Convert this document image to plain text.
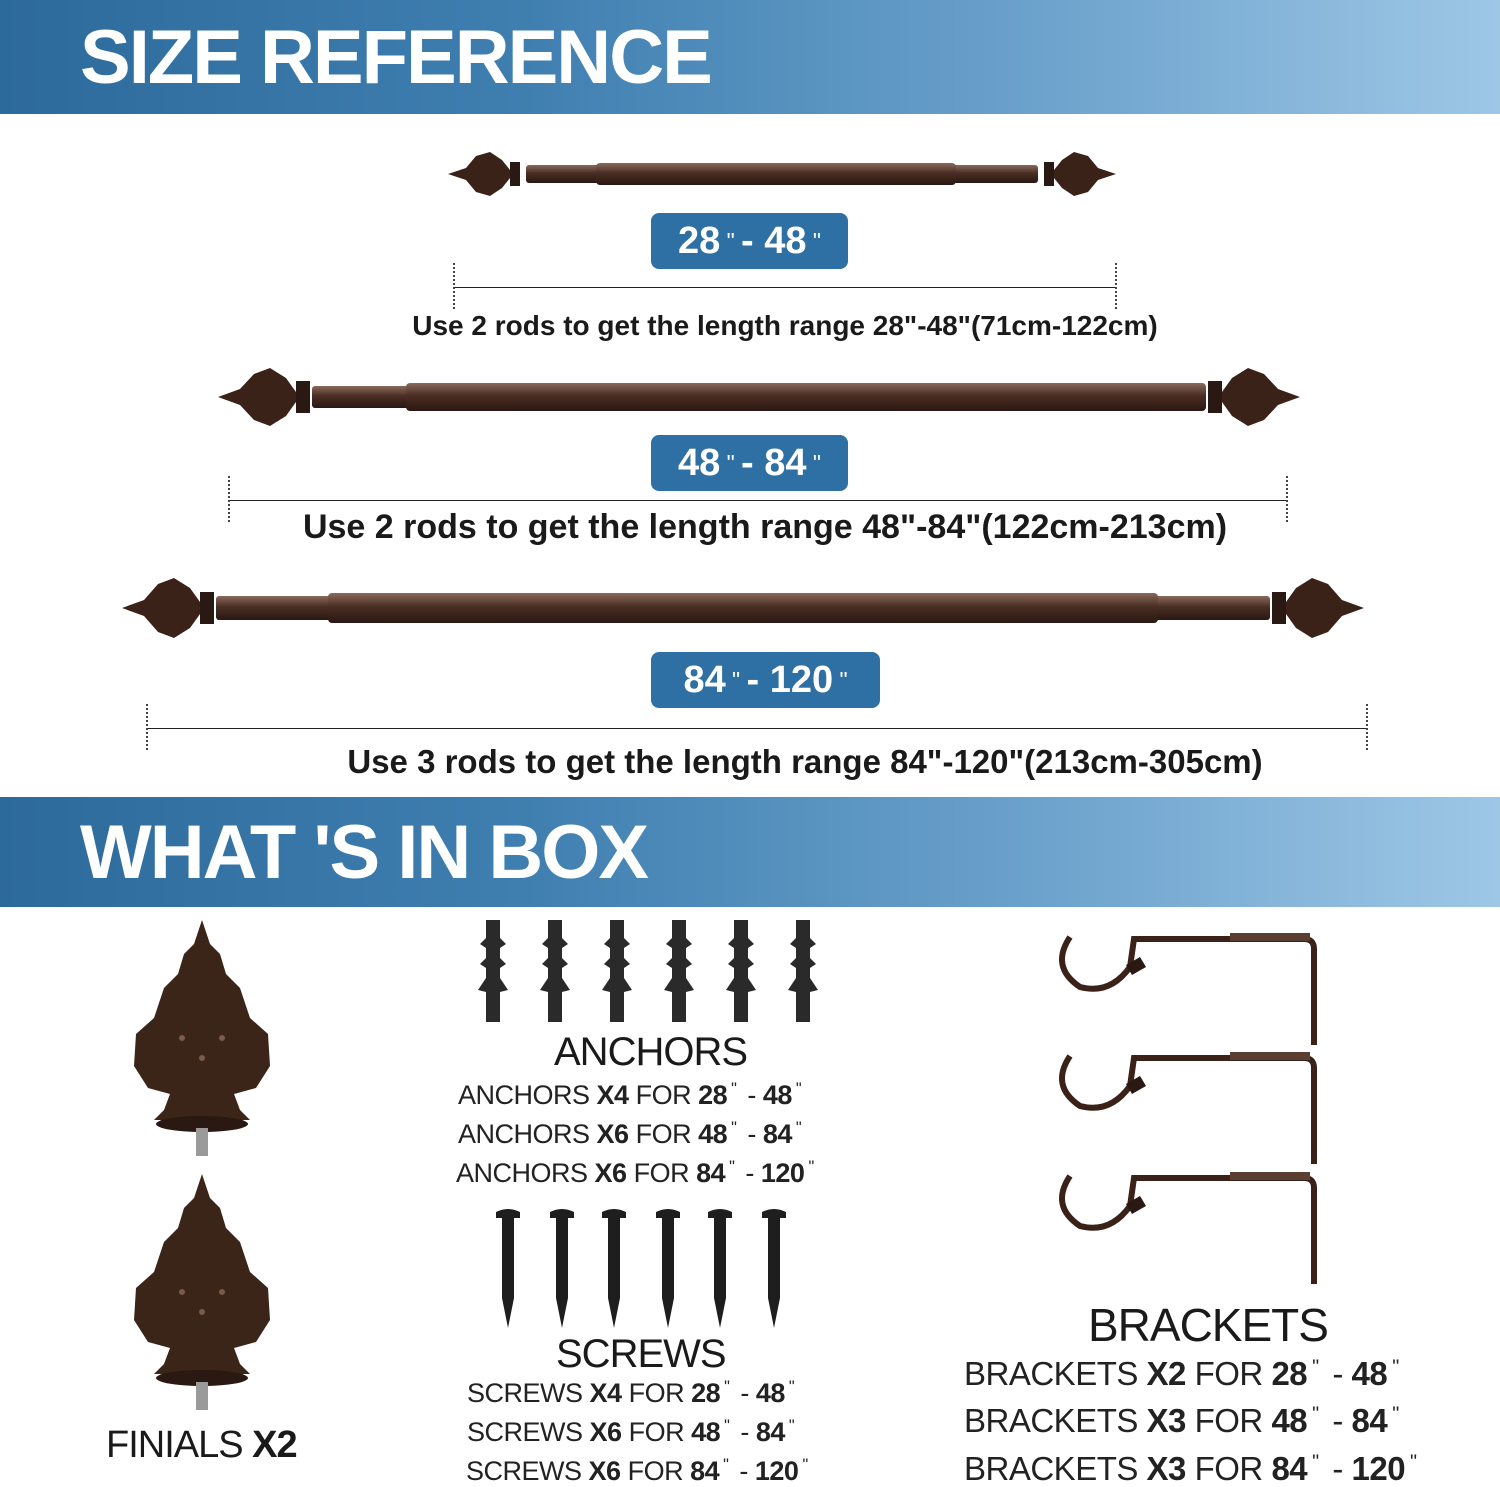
SIZE REFERENCE
28 " - 48 "
Use 2 rods to get the length range 28"-48"(71cm-122cm)
48 " - 84 "
Use 2 rods to get the length range 48"-84"(122cm-213cm)
84 " - 120 "
Use 3 rods to get the length range 84"-120"(213cm-305cm)
WHAT 'S IN BOX
FINIALS X2
ANCHORS
ANCHORS X4 FOR 28 "  - 48 "
ANCHORS X6 FOR 48 "  - 84 "
ANCHORS X6 FOR 84 "  - 120 "
SCREWS
SCREWS X4 FOR 28 "  - 48 "
SCREWS X6 FOR 48 "  - 84 "
SCREWS X6 FOR 84 "  - 120 "
BRACKETS
BRACKETS X2 FOR 28 "  - 48 "
BRACKETS X3 FOR 48 "  - 84 "
BRACKETS X3 FOR 84 "  - 120 "
